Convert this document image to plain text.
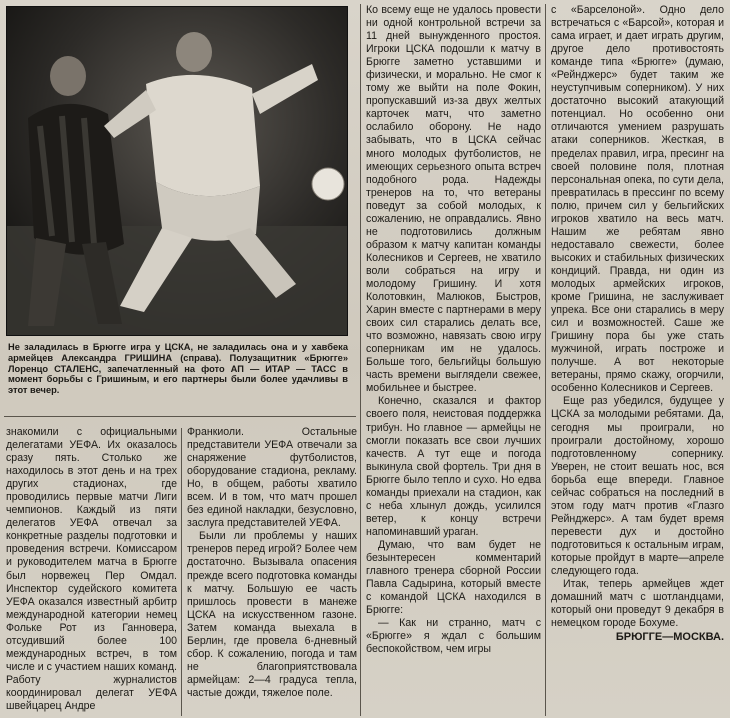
Не заладилась в Брюгге игра у ЦСКА, не заладилась она и у хавбека армейцев Александра ГРИШИНА (справа). Полузащитник «Брюгге» Лоренцо СТАЛЕНС, запечатленный на фото АП — ИТАР — ТАСС в момент борьбы с Гришиным, и его партнеры были более удачливы в этот вечер.

знакомили с официальными делегатами УЕФА. Их оказалось сразу пять. Столько же находилось в этот день и на трех других стадионах, где проводились первые матчи Лиги чемпионов. Каждый из пяти делегатов УЕФА отвечал за конкретные разделы подготовки и проведения встречи. Комиссаром и руководителем матча в Брюгге был норвежец Пер Омдал. Инспектор судейского комитета УЕФА оказался известный арбитр международной категории немец Фольке Рот из Ганновера, отсудивший более 100 международных встреч, в том числе и с участием наших команд. Работу журналистов координировал делегат УЕФА швейцарец Андре

Франкиоли. Остальные представители УЕФА отвечали за снаряжение футболистов, оборудование стадиона, рекламу. Но, в общем, работы хватило всем. И в том, что матч прошел без единой накладки, безусловно, заслуга представителей УЕФА.

Были ли проблемы у наших тренеров перед игрой? Более чем достаточно. Вызывала опасения прежде всего подготовка команды к матчу. Большую ее часть пришлось провести в манеже ЦСКА на искусственном газоне. Затем команда выехала в Берлин, где провела 6-дневный сбор. К сожалению, погода и там не благоприятствовала армейцам: 2—4 градуса тепла, частые дожди, тяжелое поле.

Ко всему еще не удалось провести ни одной контрольной встречи за 11 дней вынужденного простоя. Игроки ЦСКА подошли к матчу в Брюгге заметно уставшими и физически, и морально. Не смог к тому же выйти на поле Фокин, пропускавший из-за двух желтых карточек матч, что заметно ослабило оборону. Не надо забывать, что в ЦСКА сейчас много молодых футболистов, не имеющих серьезного опыта встреч подобного рода. Надежды тренеров на то, что ветераны поведут за собой молодых, к сожалению, не оправдались. Явно не подготовились должным образом к матчу капитан команды Колесников и Сергеев, не хватило воли собраться на игру и молодому Гришину. И хотя Колотовкин, Малюков, Быстров, Харин вместе с партнерами в меру своих сил старались делать все, что возможно, навязать свою игру соперникам им не удалось. Больше того, бельгийцы большую часть времени выглядели свежее, мобильнее и быстрее.

Конечно, сказался и фактор своего поля, неистовая поддержка трибун. Но главное — армейцы не смогли показать все свои лучших качеств. А тут еще и погода выкинула свой фортель. Три дня в Брюгге было тепло и сухо. Но едва команды приехали на стадион, как с неба хлынул дождь, усилился ветер, к концу встречи напоминавший ураган.

Думаю, что вам будет не безынтересен комментарий главного тренера сборной России Павла Садырина, который вместе с командой ЦСКА находился в Брюгге:

— Как ни странно, матч с «Брюгге» я ждал с большим беспокойством, чем игры

с «Барселоной». Одно дело встречаться с «Барсой», которая и сама играет, и дает играть другим, другое дело противостоять команде типа «Брюгге» (думаю, «Рейнджерс» будет таким же неуступчивым соперником). У них достаточно высокий атакующий потенциал. Но особенно они отличаются умением разрушать атаки соперников. Жесткая, в пределах правил, игра, пресинг на своей половине поля, плотная персональная опека, по сути дела, превратилась в прессинг по всему полю, причем сил у бельгийских игроков хватило на весь матч. Нашим же ребятам явно недоставало свежести, более высоких и стабильных физических кондиций. Правда, ни один из молодых армейских игроков, кроме Гришина, не заслуживает упрека. Все они старались в меру сил и возможностей. Саше же Гришину пора бы уже стать мужчиной, играть построже и получше. А вот некоторые ветераны, прямо скажу, огорчили, особенно Колесников и Сергеев.

Еще раз убедился, будущее у ЦСКА за молодыми ребятами. Да, сегодня мы проиграли, но проиграли достойному, хорошо подготовленному сопернику. Уверен, не стоит вешать нос, вся борьба еще впереди. Главное сейчас собраться на последний в этом году матч против «Глазго Рейнджерс». А там будет время перевести дух и достойно подготовиться к остальным играм, которые пройдут в марте—апреле следующего года.

Итак, теперь армейцев ждет домашний матч с шотландцами, который они проведут 9 декабря в немецком городе Бохуме.

БРЮГГЕ—МОСКВА.
